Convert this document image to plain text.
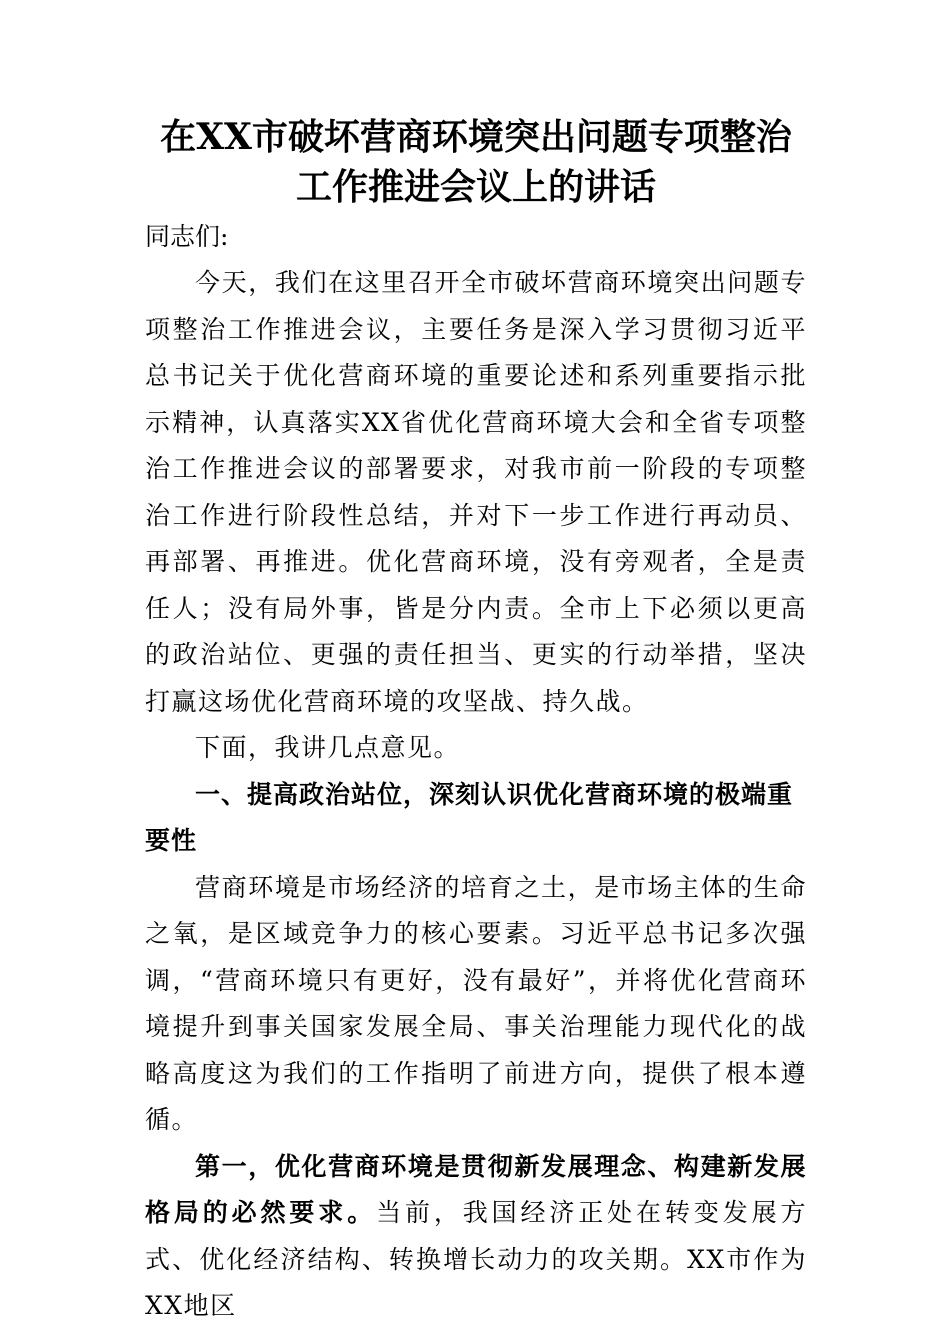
在XX市破坏营商环境突出问题专项整治工作推进会议上的讲话

同志们:

今天，我们在这里召开全市破坏营商环境突出问题专项整治工作推进会议，主要任务是深入学习贯彻习近平总书记关于优化营商环境的重要论述和系列重要指示批示精神，认真落实XX省优化营商环境大会和全省专项整治工作推进会议的部署要求，对我市前一阶段的专项整治工作进行阶段性总结，并对下一步工作进行再动员、再部署、再推进。优化营商环境，没有旁观者，全是责任人；没有局外事，皆是分内责。全市上下必须以更高的政治站位、更强的责任担当、更实的行动举措，坚决打赢这场优化营商环境的攻坚战、持久战。

下面，我讲几点意见。

一、提高政治站位，深刻认识优化营商环境的极端重要性

营商环境是市场经济的培育之土，是市场主体的生命之氧，是区域竞争力的核心要素。习近平总书记多次强调，“营商环境只有更好，没有最好”，并将优化营商环境提升到事关国家发展全局、事关治理能力现代化的战略高度这为我们的工作指明了前进方向，提供了根本遵循。

第一，优化营商环境是贯彻新发展理念、构建新发展格局的必然要求。当前，我国经济正处在转变发展方式、优化经济结构、转换增长动力的攻关期。XX市作为XX地区
